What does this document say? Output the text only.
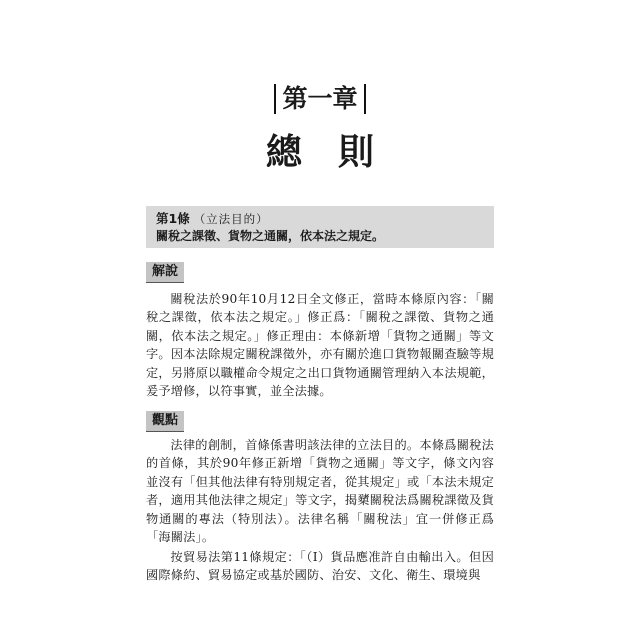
第一章
總則
第1條 （立法目的）
關稅之課徵、貨物之通關，依本法之規定。
解說
關稅法於90年10月12日全文修正，當時本條原內容：「關稅之課徵，依本法之規定。」修正爲：「關稅之課徵、貨物之通關，依本法之規定。」修正理由：本條新增「貨物之通關」等文字。因本法除規定關稅課徵外，亦有關於進口貨物報關查驗等規定，另將原以職權命令規定之出口貨物通關管理納入本法規範，爰予增修，以符事實，並全法據。
觀點
法律的創制，首條係書明該法律的立法目的。本條爲關稅法的首條，其於90年修正新增「貨物之通關」等文字，條文內容並沒有「但其他法律有特別規定者，從其規定」或「本法未規定者，適用其他法律之規定」等文字，揭櫫關稅法爲關稅課徵及貨物通關的專法（特別法）。法律名稱「關稅法」宜一併修正爲「海關法」。
按貿易法第11條規定：「（Ⅰ）貨品應准許自由輸出入。但因國際條約、貿易協定或基於國防、治安、文化、衛生、環境與
